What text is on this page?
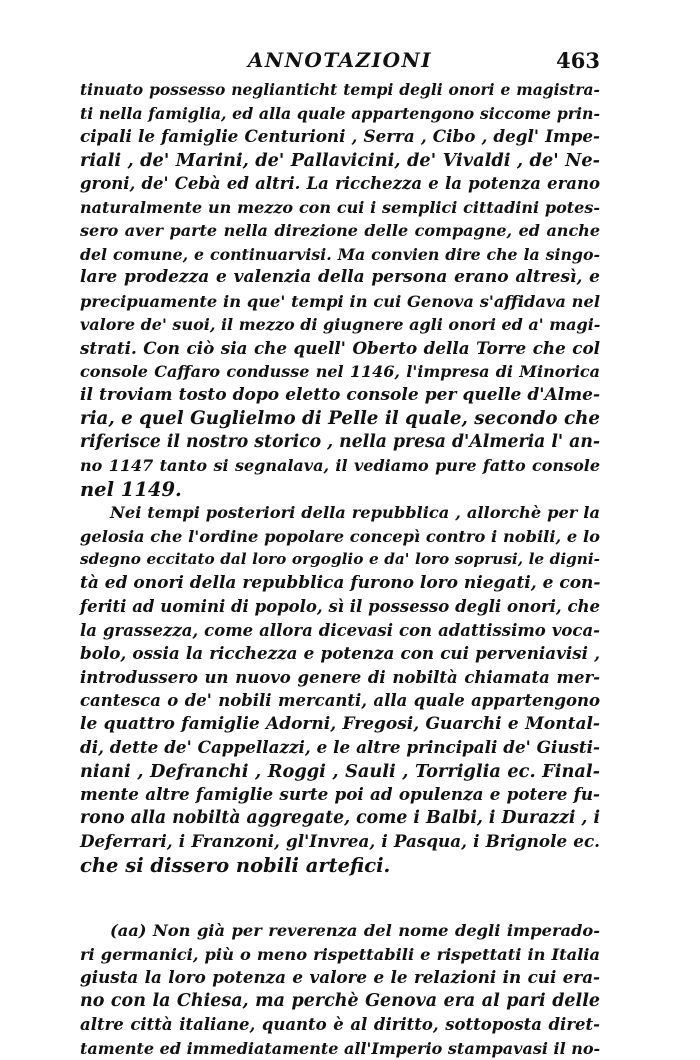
ANNOTAZIONI	463
tinuato possesso neglianticht tempi degli onori e magistra-
ti nella famiglia, ed alla quale appartengono siccome prin-
cipali le famiglie Centurioni , Serra , Cibo , degl' Impe-
riali , de' Marini, de' Pallavicini, de' Vivaldi , de' Ne-
groni, de' Cebà ed altri. La ricchezza e la potenza erano
naturalmente un mezzo con cui i semplici cittadini potes-
sero aver parte nella direzione delle compagne, ed anche
del comune, e continuarvisi. Ma convien dire che la singo-
lare prodezza e valenzia della persona erano altresì, e
precipuamente in que' tempi in cui Genova s'affidava nel
valore de' suoi, il mezzo di giugnere agli onori ed a' magi-
strati. Con ciò sia che quell' Oberto della Torre che col
console Caffaro condusse nel 1146, l'impresa di Minorica
il troviam tosto dopo eletto console per quelle d'Alme-
ria, e quel Guglielmo di Pelle il quale, secondo che
riferisce il nostro storico , nella presa d'Almeria l' an-
no 1147 tanto si segnalava, il vediamo pure fatto console
nel 1149.
Nei tempi posteriori della repubblica , allorchè per la
gelosia che l'ordine popolare concepì contro i nobili, e lo
sdegno eccitato dal loro orgoglio e da' loro soprusi, le digni-
tà ed onori della repubblica furono loro niegati, e con-
feriti ad uomini di popolo, sì il possesso degli onori, che
la grassezza, come allora dicevasi con adattissimo voca-
bolo, ossia la ricchezza e potenza con cui perveniavisi ,
introdussero un nuovo genere di nobiltà chiamata mer-
cantesca o de' nobili mercanti, alla quale appartengono
le quattro famiglie Adorni, Fregosi, Guarchi e Montal-
di, dette de' Cappellazzi, e le altre principali de' Giusti-
niani , Defranchi , Roggi , Sauli , Torriglia ec. Final-
mente altre famiglie surte poi ad opulenza e potere fu-
rono alla nobiltà aggregate, come i Balbi, i Durazzi , i
Deferrari, i Franzoni, gl'Invrea, i Pasqua, i Brignole ec.
che si dissero nobili artefici.
(aa) Non già per reverenza del nome degli imperado-
ri germanici, più o meno rispettabili e rispettati in Italia
giusta la loro potenza e valore e le relazioni in cui era-
no con la Chiesa, ma perchè Genova era al pari delle
altre città italiane, quanto è al diritto, sottoposta diret-
tamente ed immediatamente all'Imperio stampavasi il no-
